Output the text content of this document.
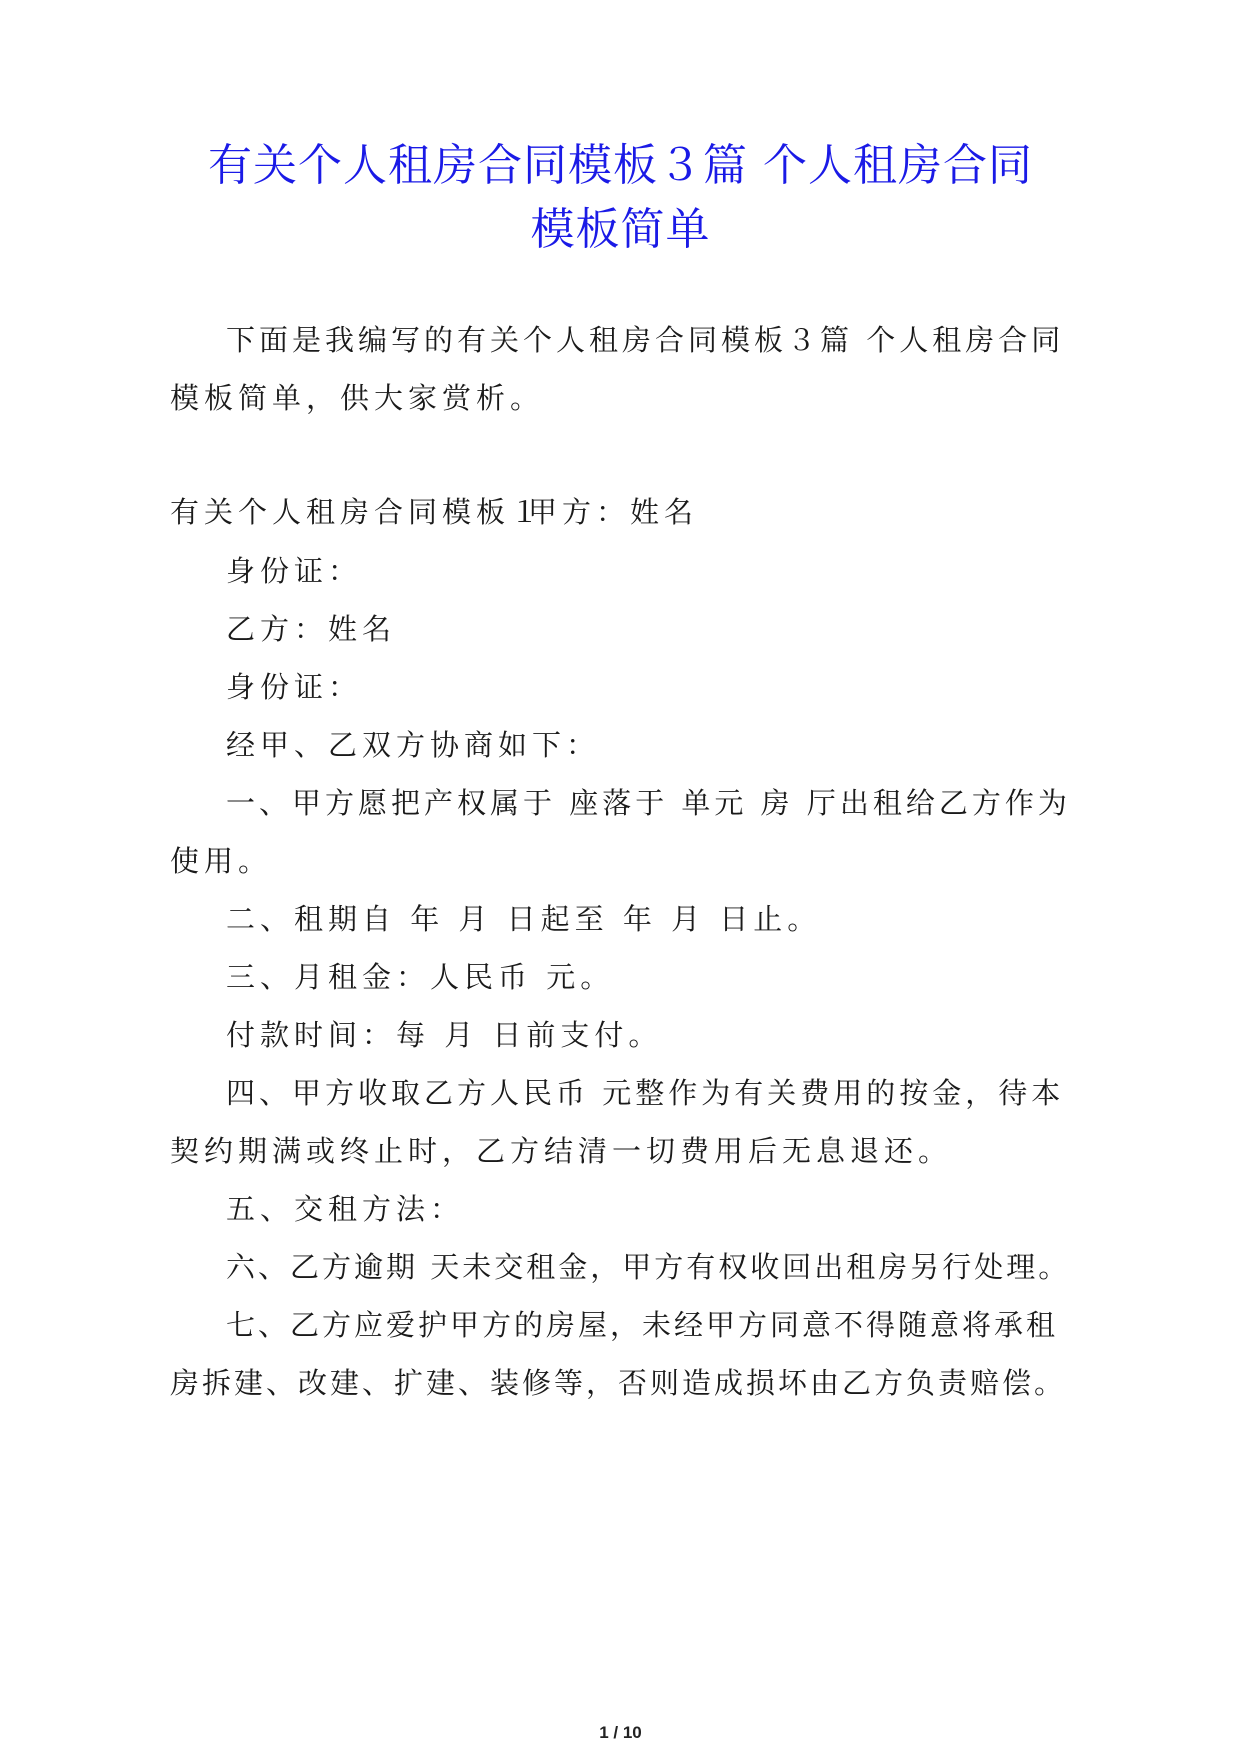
有关个人租房合同模板３篇 个人租房合同
模板简单
下面是我编写的有关个人租房合同模板３篇 个人租房合同
模板简单，供大家赏析。
有关个人租房合同模板１
甲方：姓名
身份证：
乙方：姓名
身份证：
经甲、乙双方协商如下：
一、甲方愿把产权属于 座落于 单元 房 厅出租给乙方作为
使用。
二、租期自 年 月 日起至 年 月 日止。
三、月租金：人民币 元。
付款时间：每 月 日前支付。
四、甲方收取乙方人民币 元整作为有关费用的按金，待本
契约期满或终止时，乙方结清一切费用后无息退还。
五、交租方法：
六、乙方逾期 天未交租金，甲方有权收回出租房另行处理。
七、乙方应爱护甲方的房屋，未经甲方同意不得随意将承租
房拆建、改建、扩建、装修等，否则造成损坏由乙方负责赔偿。
1 / 10
